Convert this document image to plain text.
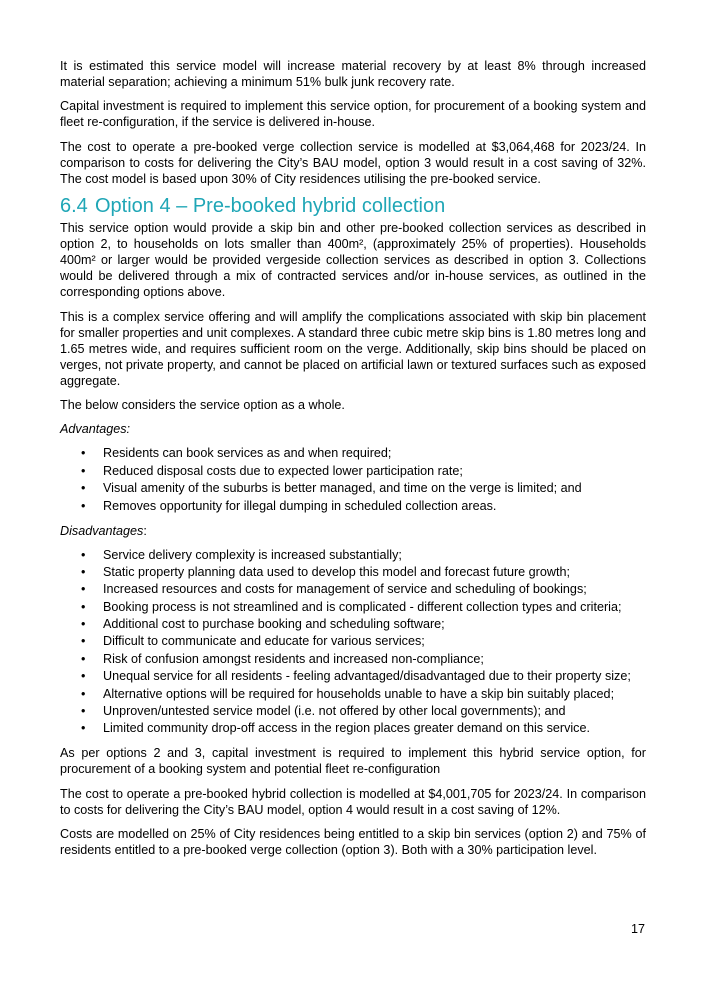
It is estimated this service model will increase material recovery by at least 8% through increased material separation; achieving a minimum 51% bulk junk recovery rate.

Capital investment is required to implement this service option, for procurement of a booking system and fleet re-configuration, if the service is delivered in-house.

The cost to operate a pre-booked verge collection service is modelled at $3,064,468 for 2023/24. In comparison to costs for delivering the City’s BAU model, option 3 would result in a cost saving of 32%. The cost model is based upon 30% of City residences utilising the pre-booked service.

6.4 Option 4 – Pre-booked hybrid collection

This service option would provide a skip bin and other pre-booked collection services as described in option 2, to households on lots smaller than 400m², (approximately 25% of properties). Households 400m² or larger would be provided vergeside collection services as described in option 3. Collections would be delivered through a mix of contracted services and/or in-house services, as outlined in the corresponding options above.

This is a complex service offering and will amplify the complications associated with skip bin placement for smaller properties and unit complexes. A standard three cubic metre skip bins is 1.80 metres long and 1.65 metres wide, and requires sufficient room on the verge. Additionally, skip bins should be placed on verges, not private property, and cannot be placed on artificial lawn or textured surfaces such as exposed aggregate.

The below considers the service option as a whole.

Advantages:

• Residents can book services as and when required;
• Reduced disposal costs due to expected lower participation rate;
• Visual amenity of the suburbs is better managed, and time on the verge is limited; and
• Removes opportunity for illegal dumping in scheduled collection areas.

Disadvantages:

• Service delivery complexity is increased substantially;
• Static property planning data used to develop this model and forecast future growth;
• Increased resources and costs for management of service and scheduling of bookings;
• Booking process is not streamlined and is complicated - different collection types and criteria;
• Additional cost to purchase booking and scheduling software;
• Difficult to communicate and educate for various services;
• Risk of confusion amongst residents and increased non-compliance;
• Unequal service for all residents - feeling advantaged/disadvantaged due to their property size;
• Alternative options will be required for households unable to have a skip bin suitably placed;
• Unproven/untested service model (i.e. not offered by other local governments); and
• Limited community drop-off access in the region places greater demand on this service.

As per options 2 and 3, capital investment is required to implement this hybrid service option, for procurement of a booking system and potential fleet re-configuration

The cost to operate a pre-booked hybrid collection is modelled at $4,001,705 for 2023/24. In comparison to costs for delivering the City’s BAU model, option 4 would result in a cost saving of 12%.

Costs are modelled on 25% of City residences being entitled to a skip bin services (option 2) and 75% of residents entitled to a pre-booked verge collection (option 3). Both with a 30% participation level.

17
